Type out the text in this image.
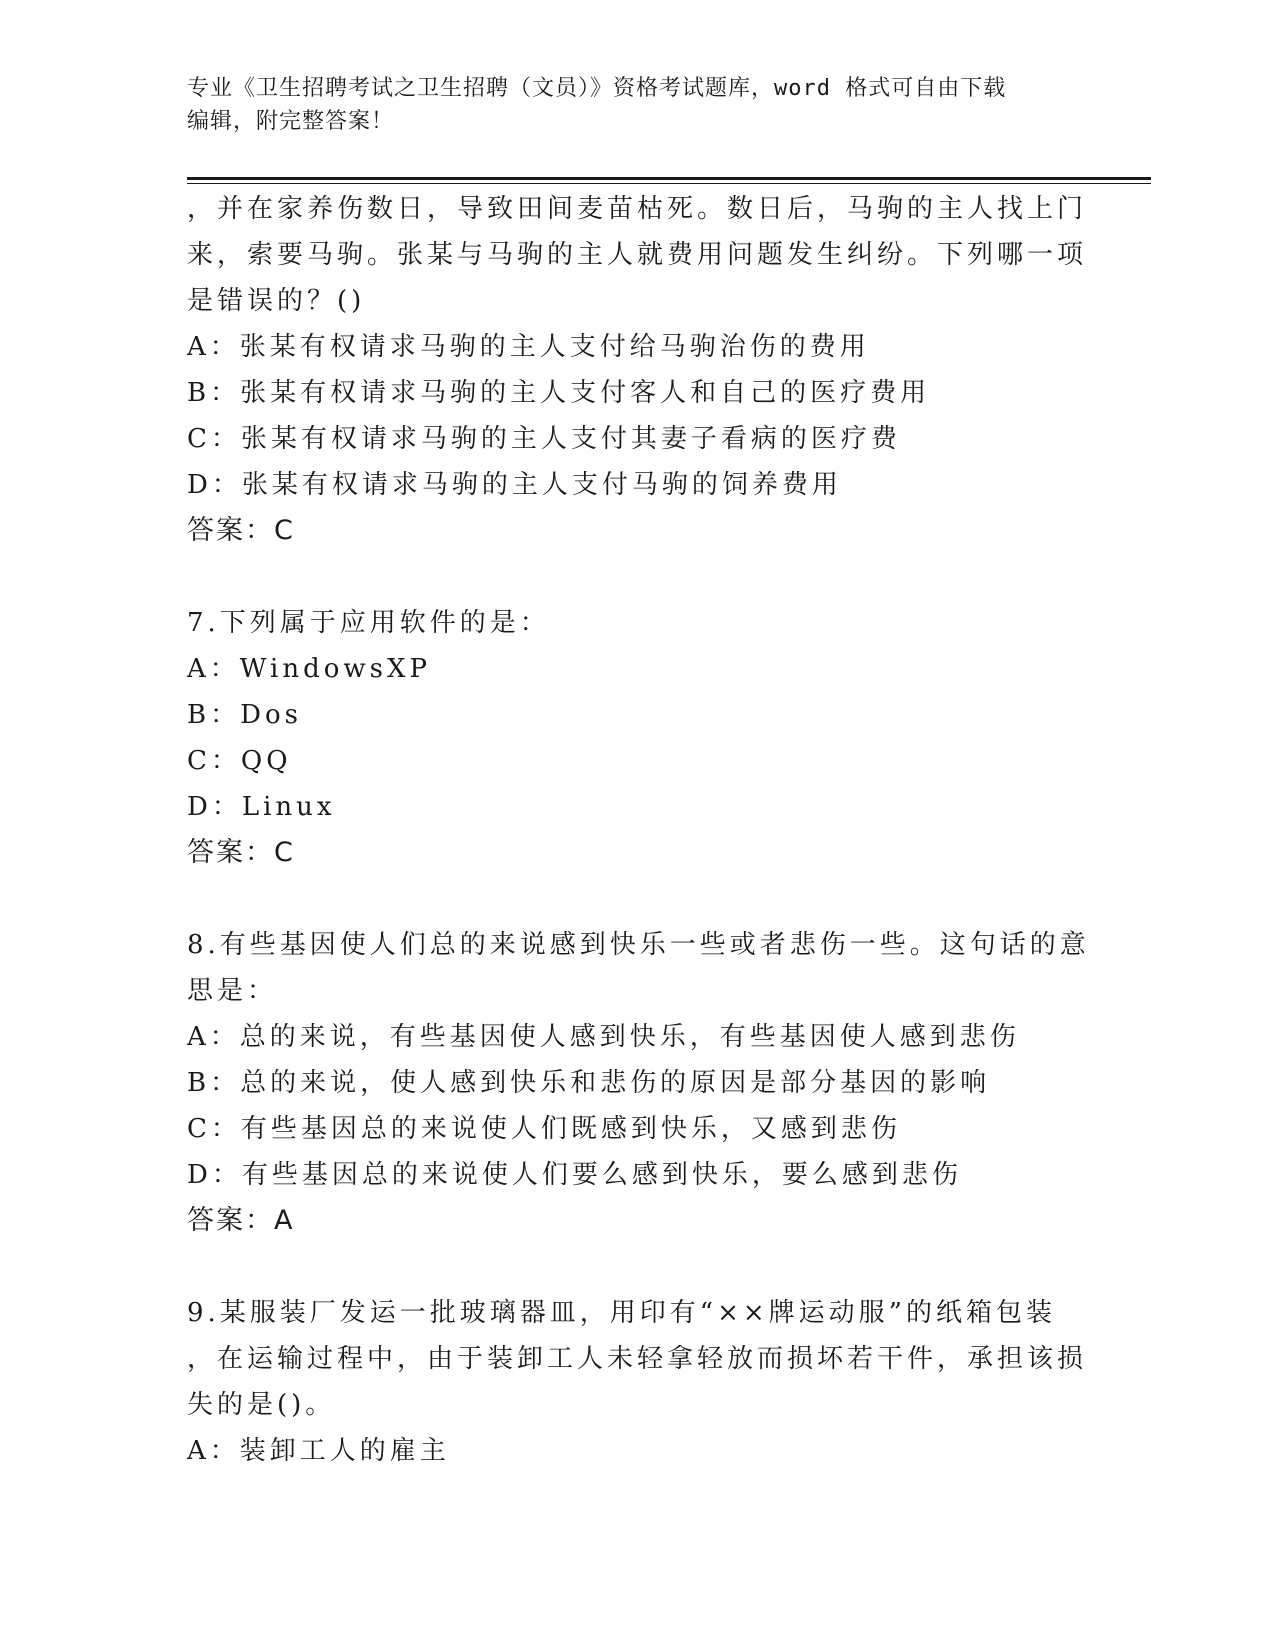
专业《卫生招聘考试之卫生招聘（文员）》资格考试题库，word 格式可自由下载
编辑，附完整答案！
，并在家养伤数日，导致田间麦苗枯死。数日后，马驹的主人找上门
来，索要马驹。张某与马驹的主人就费用问题发生纠纷。下列哪一项
是错误的？()
A：张某有权请求马驹的主人支付给马驹治伤的费用
B：张某有权请求马驹的主人支付客人和自己的医疗费用
C：张某有权请求马驹的主人支付其妻子看病的医疗费
D：张某有权请求马驹的主人支付马驹的饲养费用
答案：C
7.下列属于应用软件的是：
A：WindowsXP
B：Dos
C：QQ
D：Linux
答案：C
8.有些基因使人们总的来说感到快乐一些或者悲伤一些。这句话的意
思是：
A：总的来说，有些基因使人感到快乐，有些基因使人感到悲伤
B：总的来说，使人感到快乐和悲伤的原因是部分基因的影响
C：有些基因总的来说使人们既感到快乐，又感到悲伤
D：有些基因总的来说使人们要么感到快乐，要么感到悲伤
答案：A
9.某服装厂发运一批玻璃器皿，用印有“××牌运动服”的纸箱包装
，在运输过程中，由于装卸工人未轻拿轻放而损坏若干件，承担该损
失的是()。
A：装卸工人的雇主
